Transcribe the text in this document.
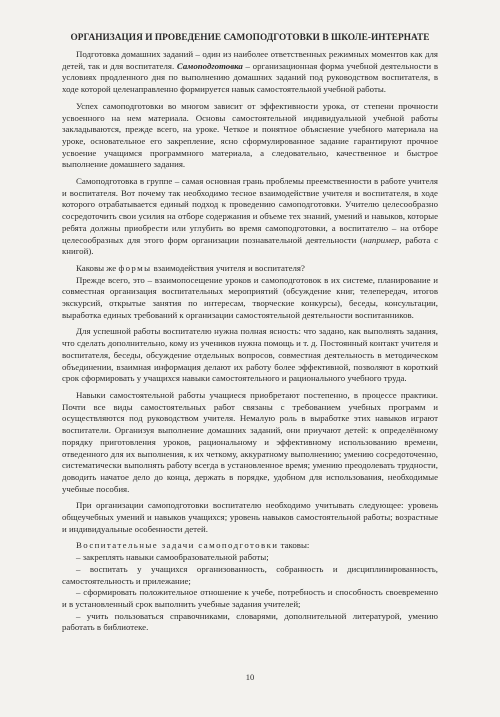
ОРГАНИЗАЦИЯ И ПРОВЕДЕНИЕ САМОПОДГОТОВКИ В ШКОЛЕ-ИНТЕРНАТЕ

Подготовка домашних заданий – один из наиболее ответственных режимных моментов как для детей, так и для воспитателя. Самоподготовка – организационная форма учебной деятельности в условиях продленного дня по выполнению домашних заданий под руководством воспитателя, в ходе которой целенаправленно формируется навык самостоятельной учебной работы.

Успех самоподготовки во многом зависит от эффективности урока, от степени прочности усвоенного на нем материала. Основы самостоятельной индивидуальной учебной работы закладываются, прежде всего, на уроке. Четкое и понятное объяснение учебного материала на уроке, основательное его закрепление, ясно сформулированное задание гарантируют прочное усвоение учащимся программного материала, а следовательно, качественное и быстрое выполнение домашнего задания.

Самоподготовка в группе – самая основная грань проблемы преемственности в работе учителя и воспитателя. Вот почему так необходимо тесное взаимодействие учителя и воспитателя, в ходе которого отрабатывается единый подход к проведению самоподготовки. Учителю целесообразно сосредоточить свои усилия на отборе содержания и объеме тех знаний, умений и навыков, которые ребята должны приобрести или углубить во время самоподготовки, а воспитателю – на отборе целесообразных для этого форм организации познавательной деятельности (например, работа с книгой).

Каковы же формы взаимодействия учителя и воспитателя?

Прежде всего, это – взаимопосещение уроков и самоподготовок в их системе, планирование и совместная организация воспитательных мероприятий (обсуждение книг, телепередач, итогов экскурсий, открытые занятия по интересам, творческие конкурсы), беседы, консультации, выработка единых требований к организации самостоятельной деятельности воспитанников.

Для успешной работы воспитателю нужна полная ясность: что задано, как выполнять задания, что сделать дополнительно, кому из учеников нужна помощь и т. д. Постоянный контакт учителя и воспитателя, беседы, обсуждение отдельных вопросов, совместная деятельность в методическом объединении, взаимная информация делают их работу более эффективной, позволяют в короткий срок сформировать у учащихся навыки самостоятельного и рационального учебного труда.

Навыки самостоятельной работы учащиеся приобретают постепенно, в процессе практики. Почти все виды самостоятельных работ связаны с требованием учебных программ и осуществляются под руководством учителя. Немалую роль в выработке этих навыков играют воспитатели. Организуя выполнение домашних заданий, они приучают детей: к определённому порядку приготовления уроков, рациональному и эффективному использованию времени, отведенного для их выполнения, к их четкому, аккуратному выполнению; умению сосредоточенно, систематически выполнять работу всегда в установленное время; умению преодолевать трудности, доводить начатое дело до конца, держать в порядке, удобном для использования, необходимые учебные пособия.

При организации самоподготовки воспитателю необходимо учитывать следующее: уровень общеучебных умений и навыков учащихся; уровень навыков самостоятельной работы; возрастные и индивидуальные особенности детей.

Воспитательные задачи самоподготовки таковы:

– закреплять навыки самообразовательной работы;

– воспитать у учащихся организованность, собранность и дисциплинированность, самостоятельность и прилежание;

– сформировать положительное отношение к учебе, потребность и способность своевременно и в установленный срок выполнить учебные задания учителей;

– учить пользоваться справочниками, словарями, дополнительной литературой, умению работать в библиотеке.

10
